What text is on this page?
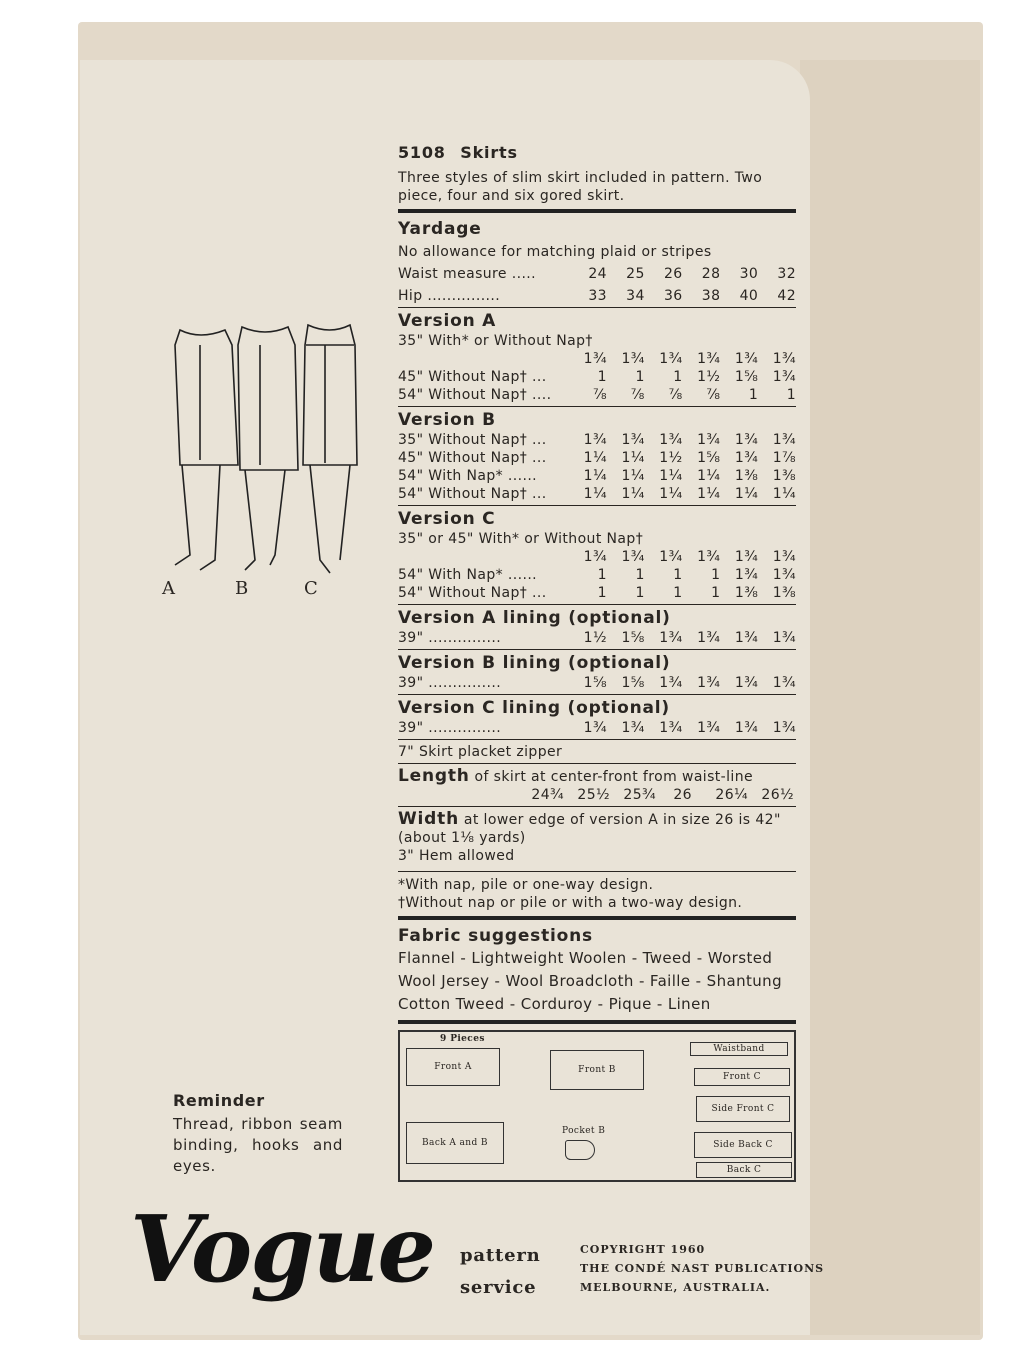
A	B	C
5108 Skirts
Three styles of slim skirt included in pattern. Two
piece, four and six gored skirt.
Yardage
No allowance for matching plaid or stripes
Waist measure .....	24	25	26	28	30	32
Hip ...............	33	34	36	38	40	42
Version A
35" With* or Without Nap†
1¾	1¾	1¾	1¾	1¾	1¾
45" Without Nap† ...	1	1	1	1½	1⅝	1¾
54" Without Nap† ....	⅞	⅞	⅞	⅞	1	1
Version B
35" Without Nap† ...	1¾	1¾	1¾	1¾	1¾	1¾
45" Without Nap† ...	1¼	1¼	1½	1⅝	1¾	1⅞
54" With Nap* ......	1¼	1¼	1¼	1¼	1⅜	1⅜
54" Without Nap† ...	1¼	1¼	1¼	1¼	1¼	1¼
Version C
35" or 45" With* or Without Nap†
1¾	1¾	1¾	1¾	1¾	1¾
54" With Nap* ......	1	1	1	1	1¾	1¾
54" Without Nap† ...	1	1	1	1	1⅜	1⅜
Version A lining (optional)
39" ...............	1½	1⅝	1¾	1¾	1¾	1¾
Version B lining (optional)
39" ...............	1⅝	1⅝	1¾	1¾	1¾	1¾
Version C lining (optional)
39" ...............	1¾	1¾	1¾	1¾	1¾	1¾
7" Skirt placket zipper
Length of skirt at center-front from waist-line
24¾ 25½ 25¾	26	26¼ 26½
Width at lower edge of version A in size 26 is 42"
(about 1⅛ yards)
3" Hem allowed
*With nap, pile or one-way design.
†Without nap or pile or with a two-way design.
Fabric suggestions
Flannel - Lightweight Woolen - Tweed - Worsted
Wool Jersey - Wool Broadcloth - Faille - Shantung
Cotton Tweed - Corduroy - Pique - Linen
9 Pieces
Front A	Front B
Waistband
Front C
Side Front C
Back A and B
Pocket B
Side Back C
Back C
Reminder
Thread, ribbon seam binding, hooks and eyes.
Vogue pattern
service
COPYRIGHT 1960
THE CONDÉ NAST PUBLICATIONS
MELBOURNE, AUSTRALIA.
